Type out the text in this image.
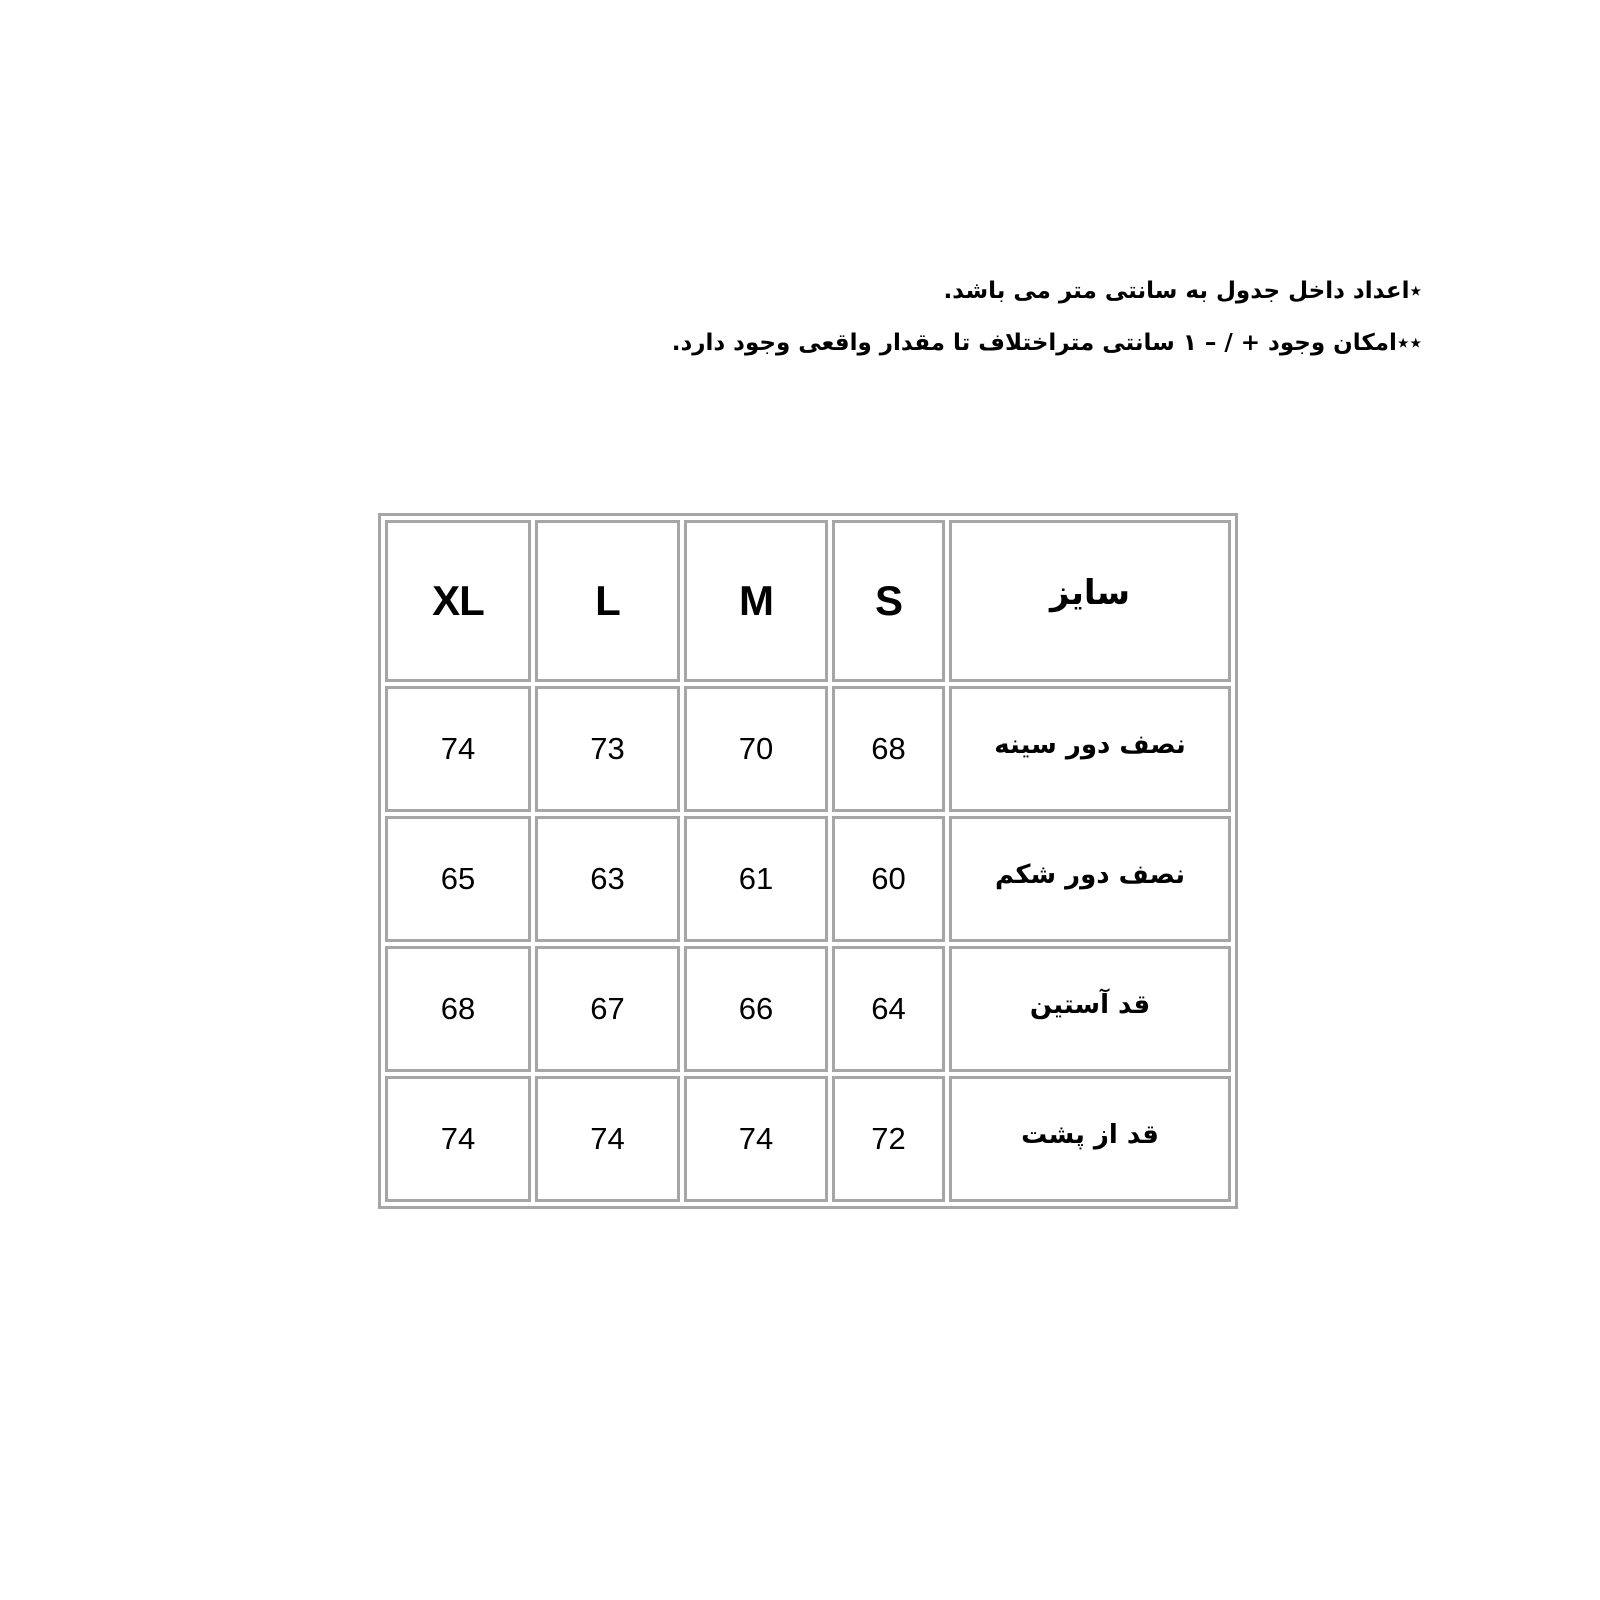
٭اعداد داخل جدول به سانتی متر می باشد.
٭٭امکان وجود + / – ۱ سانتی متراختلاف تا مقدار واقعی وجود دارد.
XL	L	M	S	سایز
74	73	70	68	نصف دور سینه
65	63	61	60	نصف دور شکم
68	67	66	64	قد آستین
74	74	74	72	قد از پشت
